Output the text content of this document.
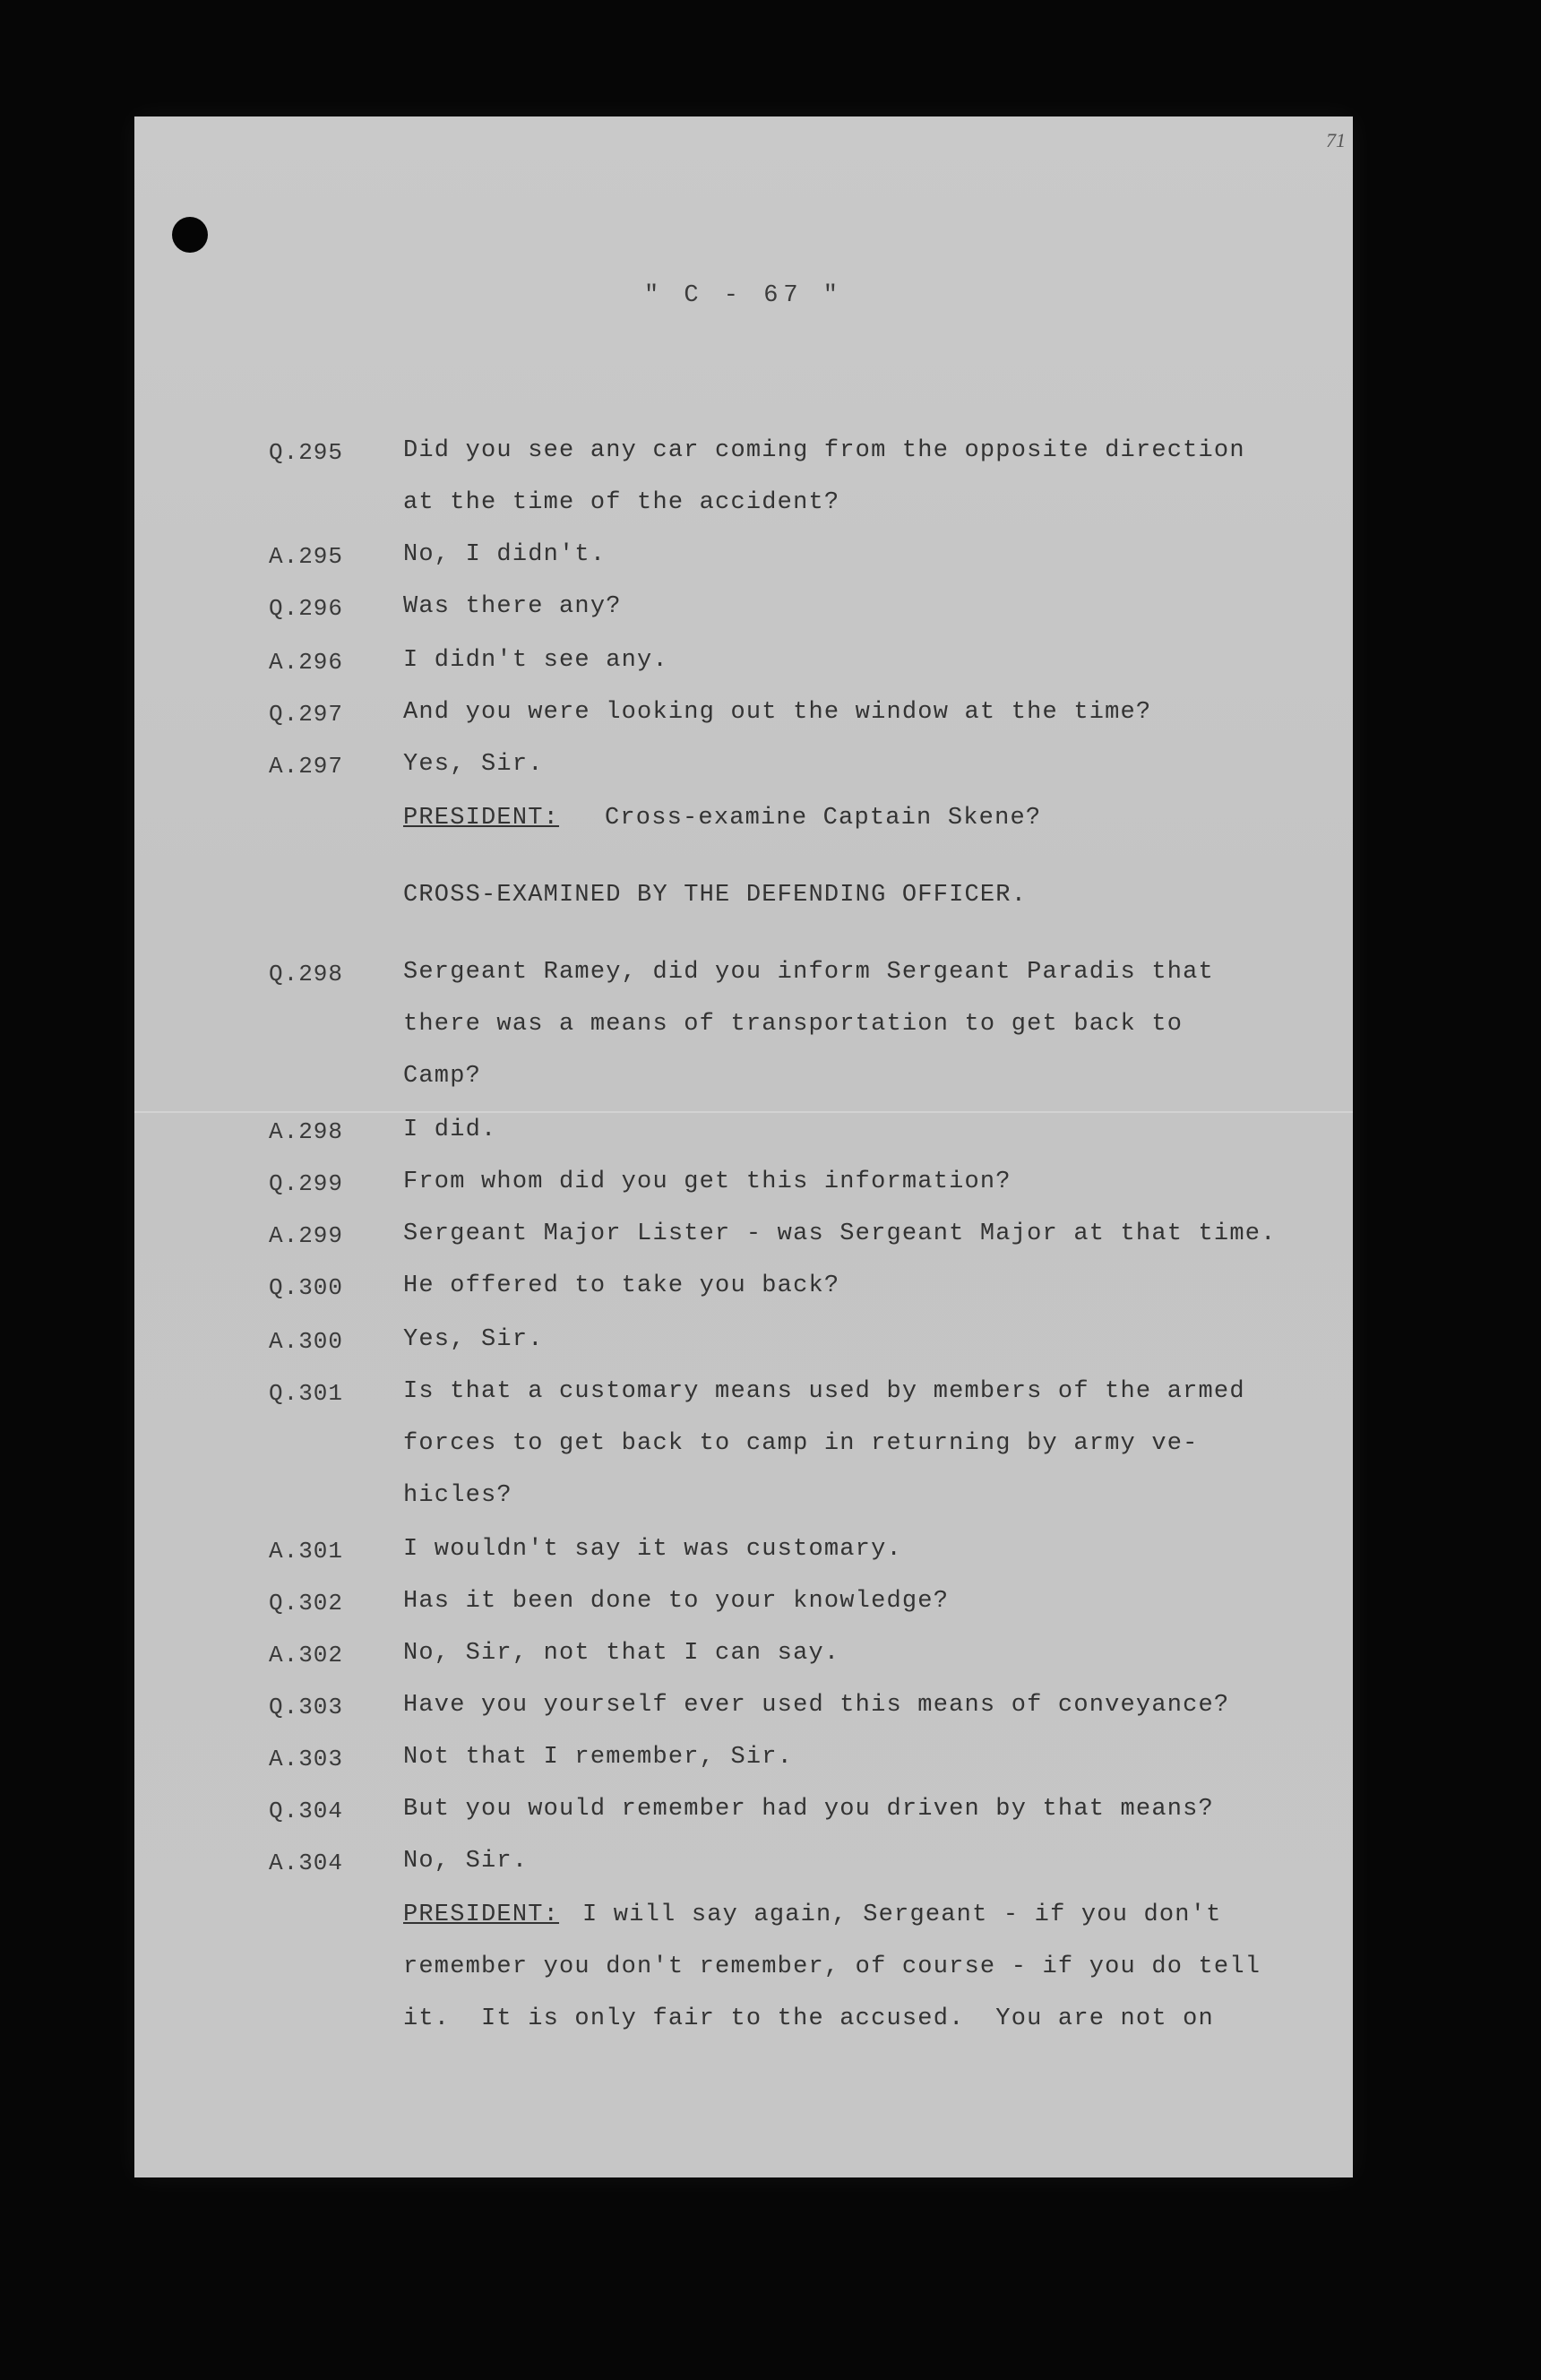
71
" C - 67 "
Q.295 Did you see any car coming from the opposite direction
at the time of the accident?
A.295 No, I didn't.
Q.296 Was there any?
A.296 I didn't see any.
Q.297 And you were looking out the window at the time?
A.297 Yes, Sir.
PRESIDENT: Cross-examine Captain Skene?
CROSS-EXAMINED BY THE DEFENDING OFFICER.
Q.298 Sergeant Ramey, did you inform Sergeant Paradis that
there was a means of transportation to get back to
Camp?
A.298 I did.
Q.299 From whom did you get this information?
A.299 Sergeant Major Lister - was Sergeant Major at that time.
Q.300 He offered to take you back?
A.300 Yes, Sir.
Q.301 Is that a customary means used by members of the armed
forces to get back to camp in returning by army ve-
hicles?
A.301 I wouldn't say it was customary.
Q.302 Has it been done to your knowledge?
A.302 No, Sir, not that I can say.
Q.303 Have you yourself ever used this means of conveyance?
A.303 Not that I remember, Sir.
Q.304 But you would remember had you driven by that means?
A.304 No, Sir.
PRESIDENT: I will say again, Sergeant - if you don't
remember you don't remember, of course - if you do tell
it.  It is only fair to the accused.  You are not on
